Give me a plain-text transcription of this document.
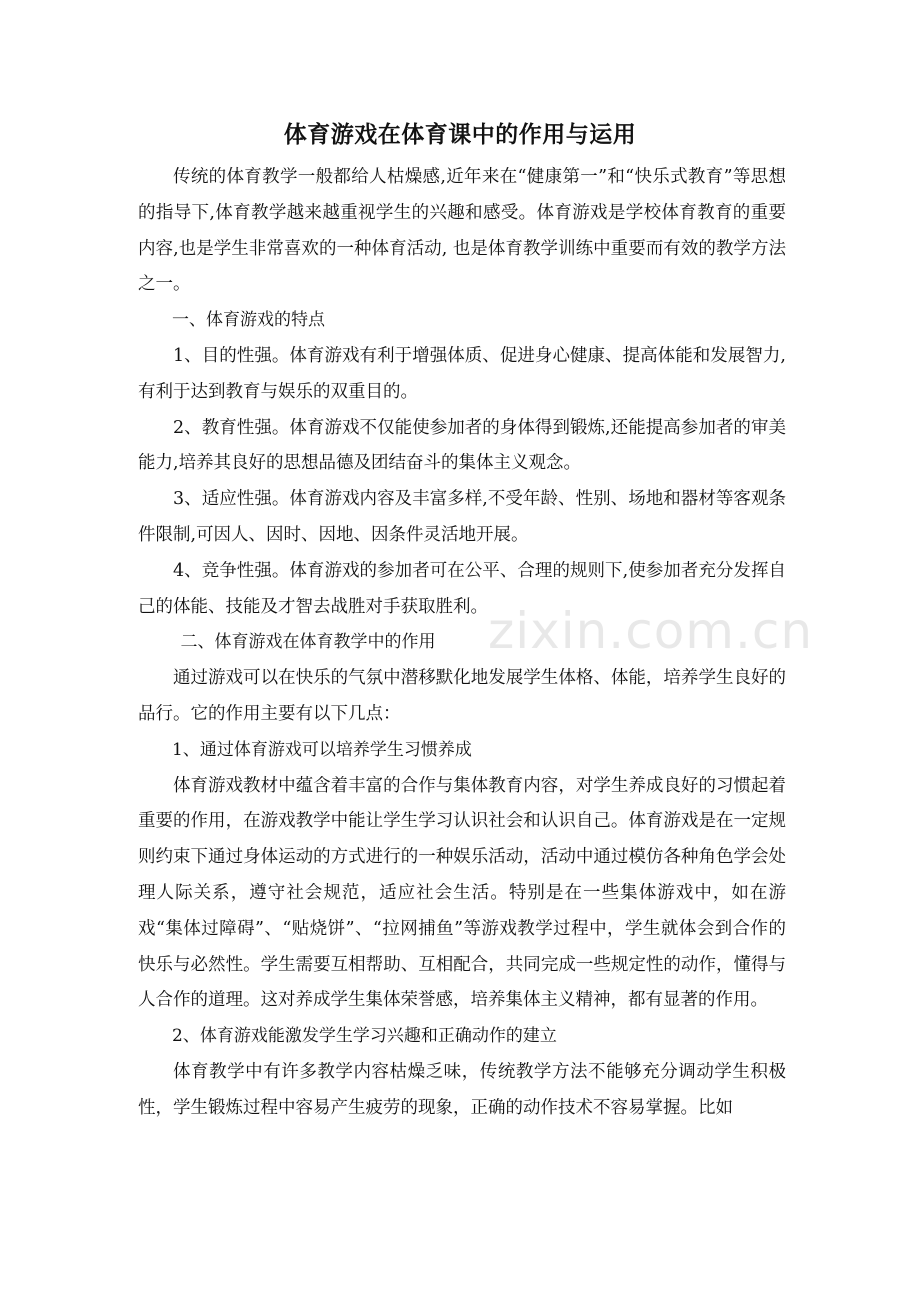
体育游戏在体育课中的作用与运用

传统的体育教学一般都给人枯燥感,近年来在“健康第一”和“快乐式教育”等思想的指导下,体育教学越来越重视学生的兴趣和感受。体育游戏是学校体育教育的重要内容,也是学生非常喜欢的一种体育活动, 也是体育教学训练中重要而有效的教学方法之一。

一、体育游戏的特点

1、目的性强。体育游戏有利于增强体质、促进身心健康、提高体能和发展智力,有利于达到教育与娱乐的双重目的。

2、教育性强。体育游戏不仅能使参加者的身体得到锻炼,还能提高参加者的审美能力,培养其良好的思想品德及团结奋斗的集体主义观念。

3、适应性强。体育游戏内容及丰富多样,不受年龄、性别、场地和器材等客观条件限制,可因人、因时、因地、因条件灵活地开展。

4、竞争性强。体育游戏的参加者可在公平、合理的规则下,使参加者充分发挥自己的体能、技能及才智去战胜对手获取胜利。

二、体育游戏在体育教学中的作用

通过游戏可以在快乐的气氛中潜移默化地发展学生体格、体能，培养学生良好的品行。它的作用主要有以下几点：

1、通过体育游戏可以培养学生习惯养成

体育游戏教材中蕴含着丰富的合作与集体教育内容，对学生养成良好的习惯起着重要的作用，在游戏教学中能让学生学习认识社会和认识自己。体育游戏是在一定规则约束下通过身体运动的方式进行的一种娱乐活动，活动中通过模仿各种角色学会处理人际关系，遵守社会规范，适应社会生活。特别是在一些集体游戏中，如在游戏“集体过障碍”、“贴烧饼”、“拉网捕鱼”等游戏教学过程中，学生就体会到合作的快乐与必然性。学生需要互相帮助、互相配合，共同完成一些规定性的动作，懂得与人合作的道理。这对养成学生集体荣誉感，培养集体主义精神，都有显著的作用。

2、体育游戏能激发学生学习兴趣和正确动作的建立

体育教学中有许多教学内容枯燥乏味，传统教学方法不能够充分调动学生积极性，学生锻炼过程中容易产生疲劳的现象，正确的动作技术不容易掌握。比如

zixin.com.cn
